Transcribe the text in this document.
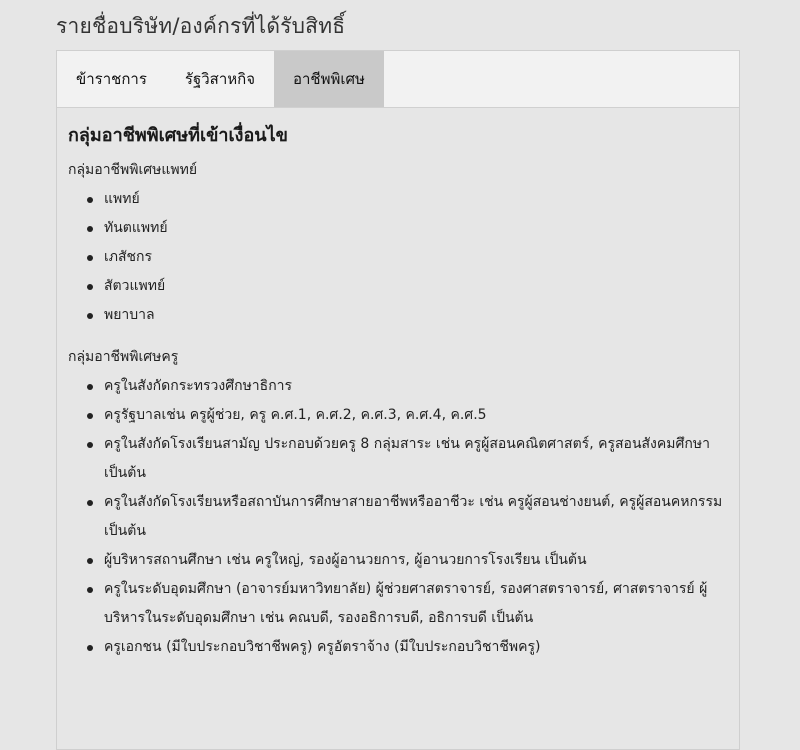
รายชื่อบริษัท/องค์กรที่ได้รับสิทธิ์
ข้าราชการ	รัฐวิสาหกิจ	อาชีพพิเศษ
กลุ่มอาชีพพิเศษที่เข้าเงื่อนไข
กลุ่มอาชีพพิเศษแพทย์
แพทย์
ทันตแพทย์
เภสัชกร
สัตวแพทย์
พยาบาล
กลุ่มอาชีพพิเศษครู
ครูในสังกัดกระทรวงศึกษาธิการ
ครูรัฐบาลเช่น ครูผู้ช่วย, ครู ค.ศ.1, ค.ศ.2, ค.ศ.3, ค.ศ.4, ค.ศ.5
ครูในสังกัดโรงเรียนสามัญ ประกอบด้วยครู 8 กลุ่มสาระ เช่น ครูผู้สอนคณิตศาสตร์, ครูสอนสังคมศึกษา เป็นต้น
ครูในสังกัดโรงเรียนหรือสถาบันการศึกษาสายอาชีพหรืออาชีวะ เช่น ครูผู้สอนช่างยนต์, ครูผู้สอนคหกรรม เป็นต้น
ผู้บริหารสถานศึกษา เช่น ครูใหญ่, รองผู้อานวยการ, ผู้อานวยการโรงเรียน เป็นต้น
ครูในระดับอุดมศึกษา (อาจารย์มหาวิทยาลัย) ผู้ช่วยศาสตราจารย์, รองศาสตราจารย์, ศาสตราจารย์ ผู้บริหารในระดับอุดมศึกษา เช่น คณบดี, รองอธิการบดี, อธิการบดี เป็นต้น
ครูเอกชน (มีใบประกอบวิชาชีพครู) ครูอัตราจ้าง (มีใบประกอบวิชาชีพครู)
